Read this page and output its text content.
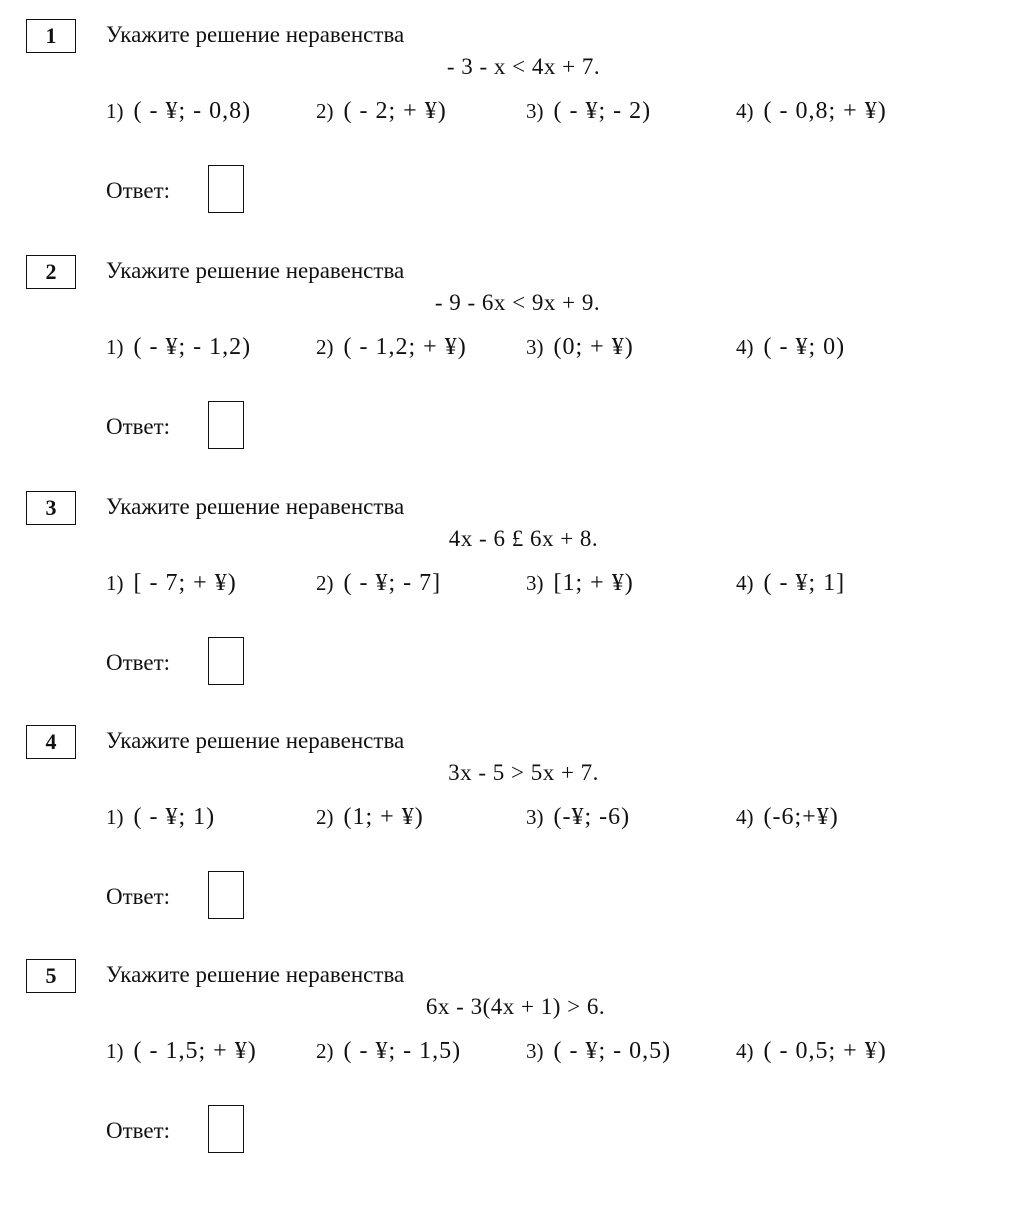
1	Укажите решение неравенства
- 3 - x < 4x + 7.
1) ( - ¥; - 0,8)	2) ( - 2; + ¥)	3) ( - ¥; - 2)	4) ( - 0,8; + ¥)
Ответ:
2	Укажите решение неравенства
- 9 - 6x < 9x + 9.
1) ( - ¥; - 1,2)	2) ( - 1,2; + ¥)	3) (0; + ¥)	4) ( - ¥; 0)
Ответ:
3	Укажите решение неравенства
4x - 6 £ 6x + 8.
1) [ - 7; + ¥)	2) ( - ¥; - 7]	3) [1; + ¥)	4) ( - ¥; 1]
Ответ:
4	Укажите решение неравенства
3x - 5 > 5x + 7.
1) ( - ¥; 1)	2) (1; + ¥)	3) (-¥; -6)	4) (-6;+¥)
Ответ:
5	Укажите решение неравенства
6x - 3(4x + 1) > 6.
1) ( - 1,5; + ¥)	2) ( - ¥; - 1,5)	3) ( - ¥; - 0,5)	4) ( - 0,5; + ¥)
Ответ:
